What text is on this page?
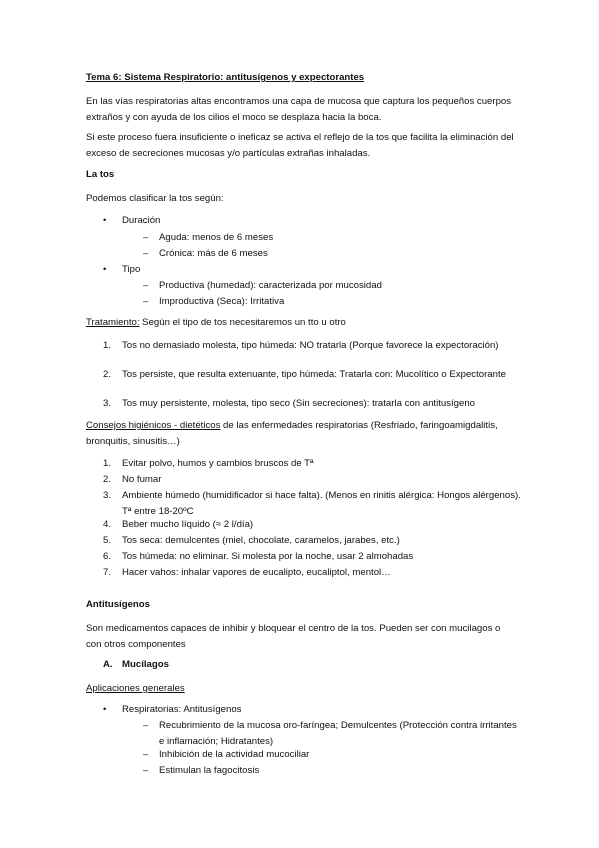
Tema 6: Sistema Respiratorio: antitusígenos y expectorantes

En las vías respiratorias altas encontramos una capa de mucosa que captura los pequeños cuerpos extraños y con ayuda de los cilios el moco se desplaza hacia la boca.

Si este proceso fuera insuficiente o ineficaz se activa el reflejo de la tos que facilita la eliminación del exceso de secreciones mucosas y/o partículas extrañas inhaladas.

La tos

Podemos clasificar la tos según:

Duración
Aguda: menos de 6 meses
Crónica: más de 6 meses
Tipo
Productiva (humedad): caracterizada por mucosidad
Improductiva (Seca): Irritativa

Tratamiento: Según el tipo de tos necesitaremos un tto u otro

1. Tos no demasiado molesta, tipo húmeda: NO tratarla (Porque favorece la expectoración)
2. Tos persiste, que resulta extenuante, tipo húmeda: Tratarla con: Mucolítico o Expectorante
3. Tos muy persistente, molesta, tipo seco (Sin secreciones): tratarla con antitusígeno

Consejos higiénicos - dietéticos de las enfermedades respiratorias (Resfriado, faringoamigdalitis, bronquitis, sinusitis…)

1. Evitar polvo, humos y cambios bruscos de Tª
2. No fumar
3. Ambiente húmedo (humidificador si hace falta). (Menos en rinitis alérgica: Hongos alérgenos). Tª entre 18-20ºC
4. Beber mucho líquido (≈ 2 l/día)
5. Tos seca: demulcentes (miel, chocolate, caramelos, jarabes, etc.)
6. Tos húmeda: no eliminar. Si molesta por la noche, usar 2 almohadas
7. Hacer vahos: inhalar vapores de eucalipto, eucaliptol, mentol…

Antitusígenos

Son medicamentos capaces de inhibir y bloquear el centro de la tos. Pueden ser con mucilagos o con otros componentes

A. Mucílagos

Aplicaciones generales

Respiratorias: Antitusígenos
Recubrimiento de la mucosa oro-faríngea; Demulcentes (Protección contra irritantes e inflamación; Hidratantes)
Inhibición de la actividad mucociliar
Estimulan la fagocitosis
